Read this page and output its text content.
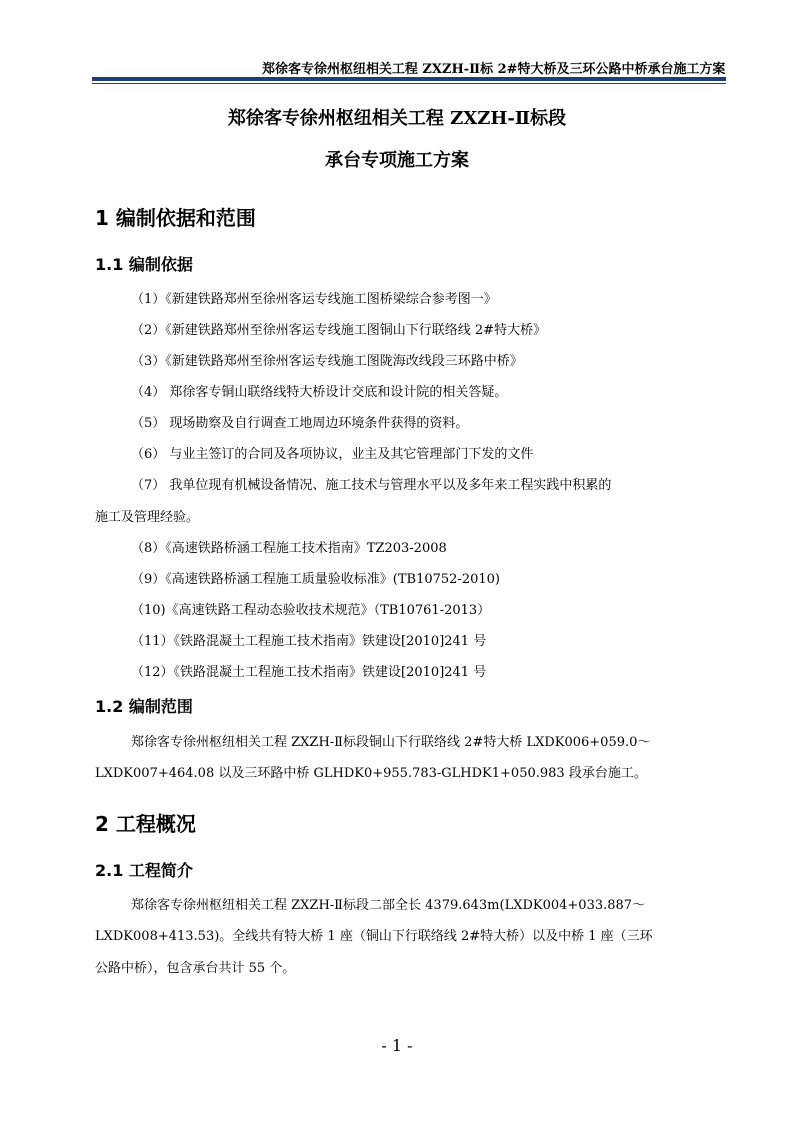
郑徐客专徐州枢纽相关工程 ZXZH-Ⅱ标 2#特大桥及三环公路中桥承台施工方案
郑徐客专徐州枢纽相关工程 ZXZH-Ⅱ标段
承台专项施工方案
1 编制依据和范围
1.1 编制依据
（1）《新建铁路郑州至徐州客运专线施工图桥梁综合参考图一》
（2）《新建铁路郑州至徐州客运专线施工图铜山下行联络线 2#特大桥》
（3）《新建铁路郑州至徐州客运专线施工图陇海改线段三环路中桥》
（4） 郑徐客专铜山联络线特大桥设计交底和设计院的相关答疑。
（5） 现场勘察及自行调查工地周边环境条件获得的资料。
（6） 与业主签订的合同及各项协议，业主及其它管理部门下发的文件
（7） 我单位现有机械设备情况、施工技术与管理水平以及多年来工程实践中积累的
施工及管理经验。
（8）《高速铁路桥涵工程施工技术指南》TZ203-2008
（9）《高速铁路桥涵工程施工质量验收标准》(TB10752-2010)
（10)《高速铁路工程动态验收技术规范》（TB10761-2013）
（11）《铁路混凝土工程施工技术指南》铁建设[2010]241 号
（12）《铁路混凝土工程施工技术指南》铁建设[2010]241 号
1.2 编制范围
郑徐客专徐州枢纽相关工程 ZXZH-Ⅱ标段铜山下行联络线 2#特大桥 LXDK006+059.0～
LXDK007+464.08 以及三环路中桥 GLHDK0+955.783-GLHDK1+050.983 段承台施工。
2 工程概况
2.1 工程简介
郑徐客专徐州枢纽相关工程 ZXZH-Ⅱ标段二部全长 4379.643m(LXDK004+033.887～
LXDK008+413.53)。全线共有特大桥 1 座（铜山下行联络线 2#特大桥）以及中桥 1 座（三环
公路中桥），包含承台共计 55 个。
- 1 -
